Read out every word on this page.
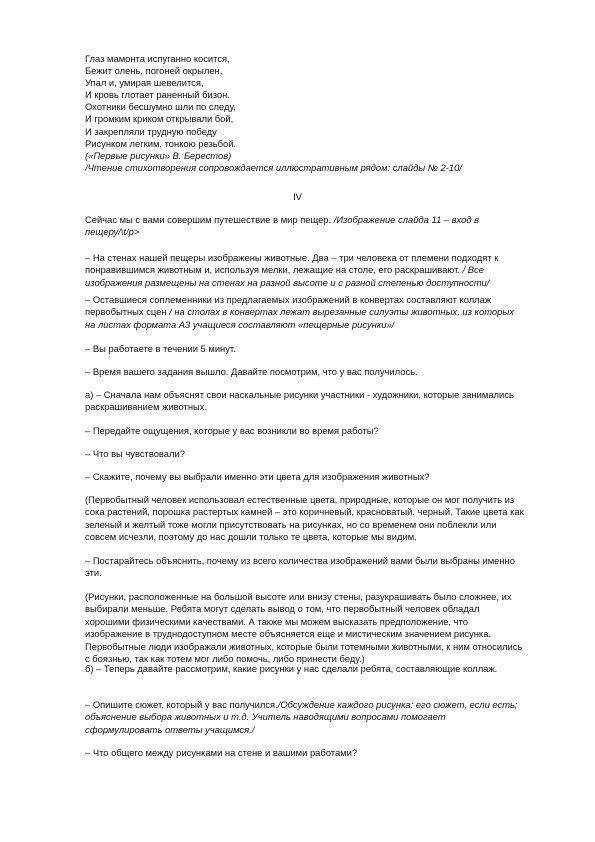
Глаз мамонта испуганно косится,
Бежит олень, погоней окрылен,
Упал и, умирая шевелится,
И кровь глотает раненный бизон.
Охотники бесшумно шли по следу,
И громким криком открывали бой,
И закрепляли трудную победу
Рисунком легким, тонкою резьбой.
(«Первые рисунки» В. Берестов)
/Чтение стихотворения сопровождается иллюстративным рядом: слайды № 2-10/
IV
Сейчас мы с вами совершим путешествие в мир пещер. /Изображение слайда 11 – вход в пещеру/\t/p>
– На стенах нашей пещеры изображены животные. Два – три человека от племени подходят к понравившимся животным и, используя мелки, лежащие на столе, его раскрашивают. / Все изображения размещены на стенах на разной высоте и с разной степенью доступности/
– Оставшиеся соплеменники из предлагаемых изображений в конвертах составляют коллаж первобытных сцен / на столах в конвертах лежат вырезанные силуэты животных, из которых на листах формата А3 учащиеся составляют «пещерные рисунки»/
– Вы работаете в течении 5 минут.
– Время вашего задания вышло. Давайте посмотрим, что у вас получилось.
а) – Сначала нам объяснят свои наскальные рисунки участники - художники, которые занимались раскрашиванием животных.
– Передайте ощущения, которые у вас возникли во время работы?
– Что вы чувствовали?
– Скажите, почему вы выбрали именно эти цвета для изображения животных?
(Первобытный человек использовал естественные цвета, природные, которые он мог получить из сока растений, порошка растертых камней – это коричневый, красноватый, черный. Такие цвета как зеленый и желтый тоже могли присутствовать на рисунках, но со временем они поблекли или совсем исчезли, поэтому до нас дошли только те цвета, которые мы видим.
– Постарайтесь объяснить, почему из всего количества изображений вами были выбраны именно эти.
(Рисунки, расположенные на большой высоте или внизу стены, разукрашивать было сложнее, их выбирали меньше. Ребята могут сделать вывод о том, что первобытный человек обладал хорошими физическими качествами. А также мы можем высказать предположение, что изображение в труднодоступном месте объясняется еще и мистическим значением рисунка. Первобытные люди изображали животных, которые были тотемными животными, к ним относились с боязнью, так как тотем мог либо помочь, либо принести беду.)
б) – Теперь давайте рассмотрим, какие рисунки у нас сделали ребята, составляющие коллаж.
– Опишите сюжет, который у вас получился./Обсуждение каждого рисунка: его сюжет, если есть; объяснение выбора животных и т.д. Учитель наводящими вопросами помогает сформулировать ответы учащимся./
– Что общего между рисунками на стене и вашими работами?
